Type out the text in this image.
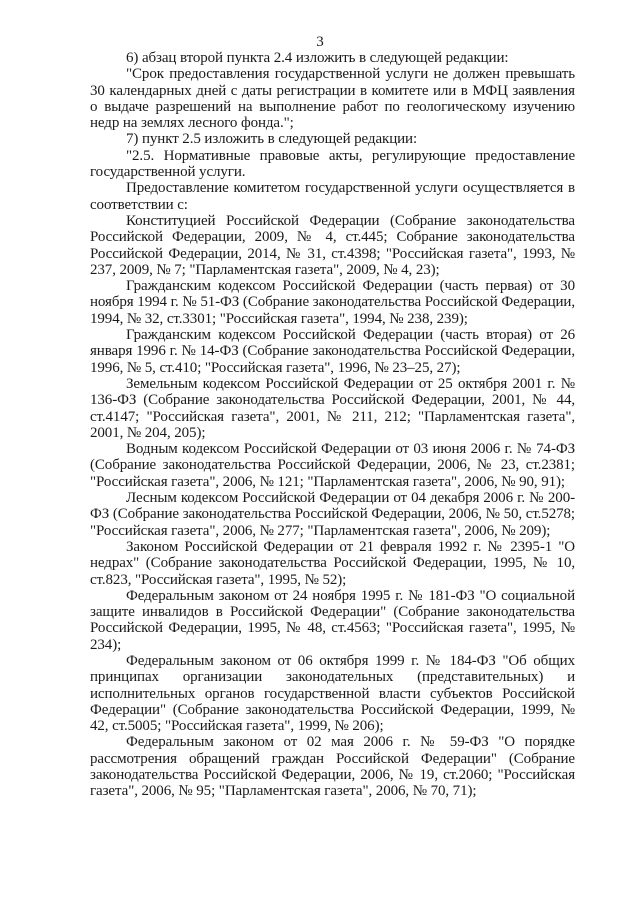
3

6) абзац второй пункта 2.4 изложить в следующей редакции:

"Срок предоставления государственной услуги не должен превышать 30 календарных дней с даты регистрации в комитете или в МФЦ заявления о выдаче разрешений на выполнение работ по геологическому изучению недр на землях лесного фонда.";

7) пункт 2.5 изложить в следующей редакции:

"2.5. Нормативные правовые акты, регулирующие предоставление государственной услуги.

Предоставление комитетом государственной услуги осуществляется в соответствии с:

Конституцией Российской Федерации (Собрание законодательства Российской Федерации, 2009, № 4, ст.445; Собрание законодательства Российской Федерации, 2014, № 31, ст.4398; "Российская газета", 1993, № 237, 2009, № 7; "Парламентская газета", 2009, № 4, 23);

Гражданским кодексом Российской Федерации (часть первая) от 30 ноября 1994 г. № 51-ФЗ (Собрание законодательства Российской Федерации, 1994, № 32, ст.3301; "Российская газета", 1994, № 238, 239);

Гражданским кодексом Российской Федерации (часть вторая) от 26 января 1996 г. № 14-ФЗ (Собрание законодательства Российской Федерации, 1996, № 5, ст.410; "Российская газета", 1996, № 23–25, 27);

Земельным кодексом Российской Федерации от 25 октября 2001 г. № 136-ФЗ (Собрание законодательства Российской Федерации, 2001, № 44, ст.4147; "Российская газета", 2001, № 211, 212; "Парламентская газета", 2001, № 204, 205);

Водным кодексом Российской Федерации от 03 июня 2006 г. № 74-ФЗ (Собрание законодательства Российской Федерации, 2006, № 23, ст.2381; "Российская газета", 2006, № 121; "Парламентская газета", 2006, № 90, 91);

Лесным кодексом Российской Федерации от 04 декабря 2006 г. № 200-ФЗ (Собрание законодательства Российской Федерации, 2006, № 50, ст.5278; "Российская газета", 2006, № 277; "Парламентская газета", 2006, № 209);

Законом Российской Федерации от 21 февраля 1992 г. № 2395-1 "О недрах" (Собрание законодательства Российской Федерации, 1995, № 10, ст.823, "Российская газета", 1995, № 52);

Федеральным законом от 24 ноября 1995 г. № 181-ФЗ "О социальной защите инвалидов в Российской Федерации" (Собрание законодательства Российской Федерации, 1995, № 48, ст.4563; "Российская газета", 1995, № 234);

Федеральным законом от 06 октября 1999 г. № 184-ФЗ "Об общих принципах организации законодательных (представительных) и исполнительных органов государственной власти субъектов Российской Федерации" (Собрание законодательства Российской Федерации, 1999, № 42, ст.5005; "Российская газета", 1999, № 206);

Федеральным законом от 02 мая 2006 г. № 59-ФЗ "О порядке рассмотрения обращений граждан Российской Федерации" (Собрание законодательства Российской Федерации, 2006, № 19, ст.2060; "Российская газета", 2006, № 95; "Парламентская газета", 2006, № 70, 71);
